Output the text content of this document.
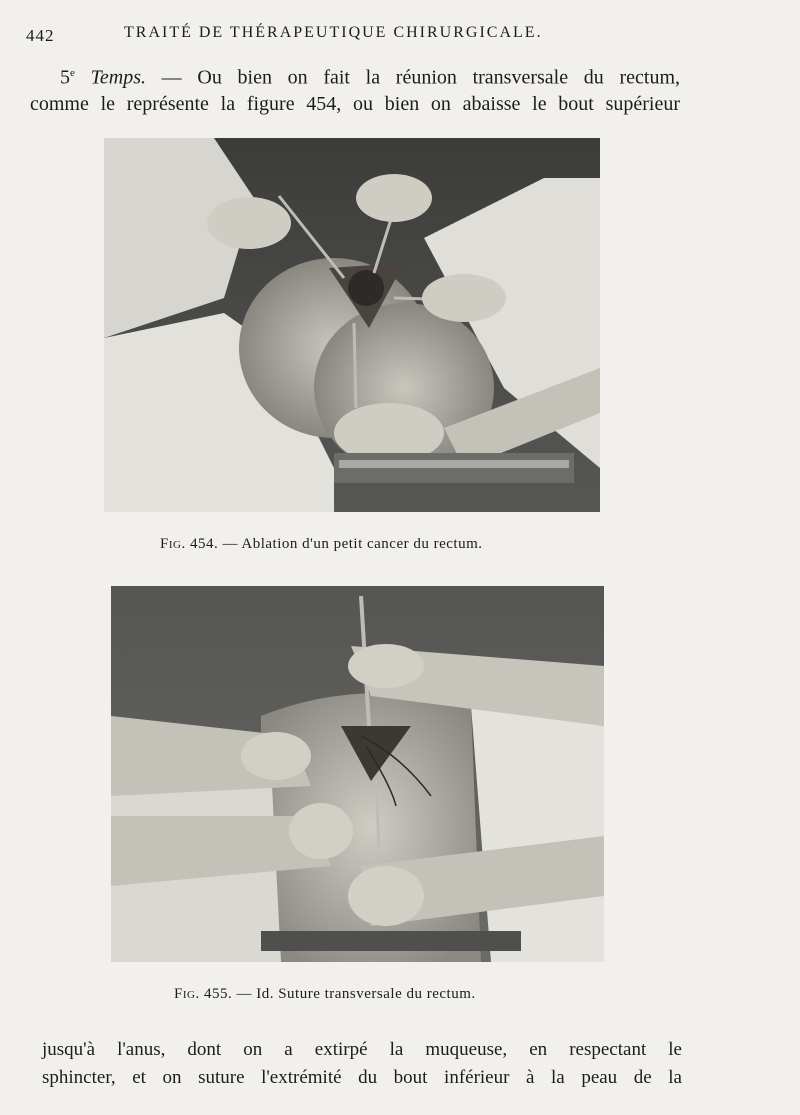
442	TRAITÉ DE THÉRAPEUTIQUE CHIRURGICALE.
5e Temps. — Ou bien on fait la réunion transversale du rectum,
comme le représente la figure 454, ou bien on abaisse le bout supérieur
Fig. 454. — Ablation d'un petit cancer du rectum.
Fig. 455. — Id. Suture transversale du rectum.
jusqu'à l'anus, dont on a extirpé la muqueuse, en respectant le
sphincter, et on suture l'extrémité du bout inférieur à la peau de la
